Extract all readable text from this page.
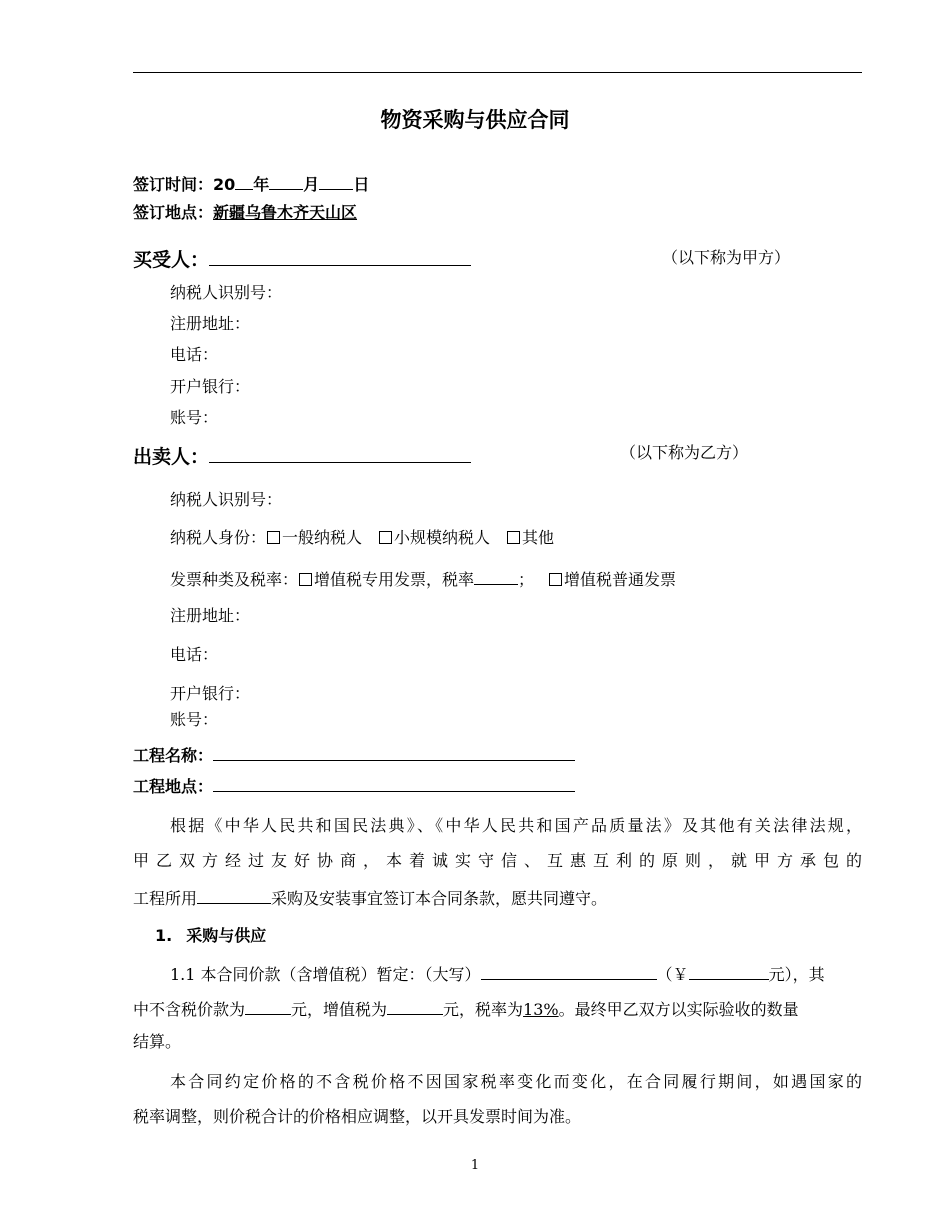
物资采购与供应合同
签订时间：20 年 月 日
签订地点：新疆乌鲁木齐天山区
买受人：	（以下称为甲方）
纳税人识别号：
注册地址：
电话：
开户银行：
账号：
出卖人：	（以下称为乙方）
纳税人识别号：
纳税人身份： 一般纳税人 小规模纳税人 其他
发票种类及税率： 增值税专用发票，税率	； 增值税普通发票
注册地址：
电话：
开户银行：
账号：
工程名称：
工程地点：
根据《中华人民共和国民法典》、《中华人民共和国产品质量法》及其他有关法律法规，
甲乙双方经过友好协商，本着诚实守信、互惠互利的原则，就甲方承包的
工程所用	采购及安装事宜签订本合同条款，愿共同遵守。
1. 采购与供应
1.1 本合同价款（含增值税）暂定：（大写）	（￥	元），其
中不含税价款为	元，增值税为	元，税率为13%。最终甲乙双方以实际验收的数量
结算。
本合同约定价格的不含税价格不因国家税率变化而变化，在合同履行期间，如遇国家的
税率调整，则价税合计的价格相应调整，以开具发票时间为准。
1
